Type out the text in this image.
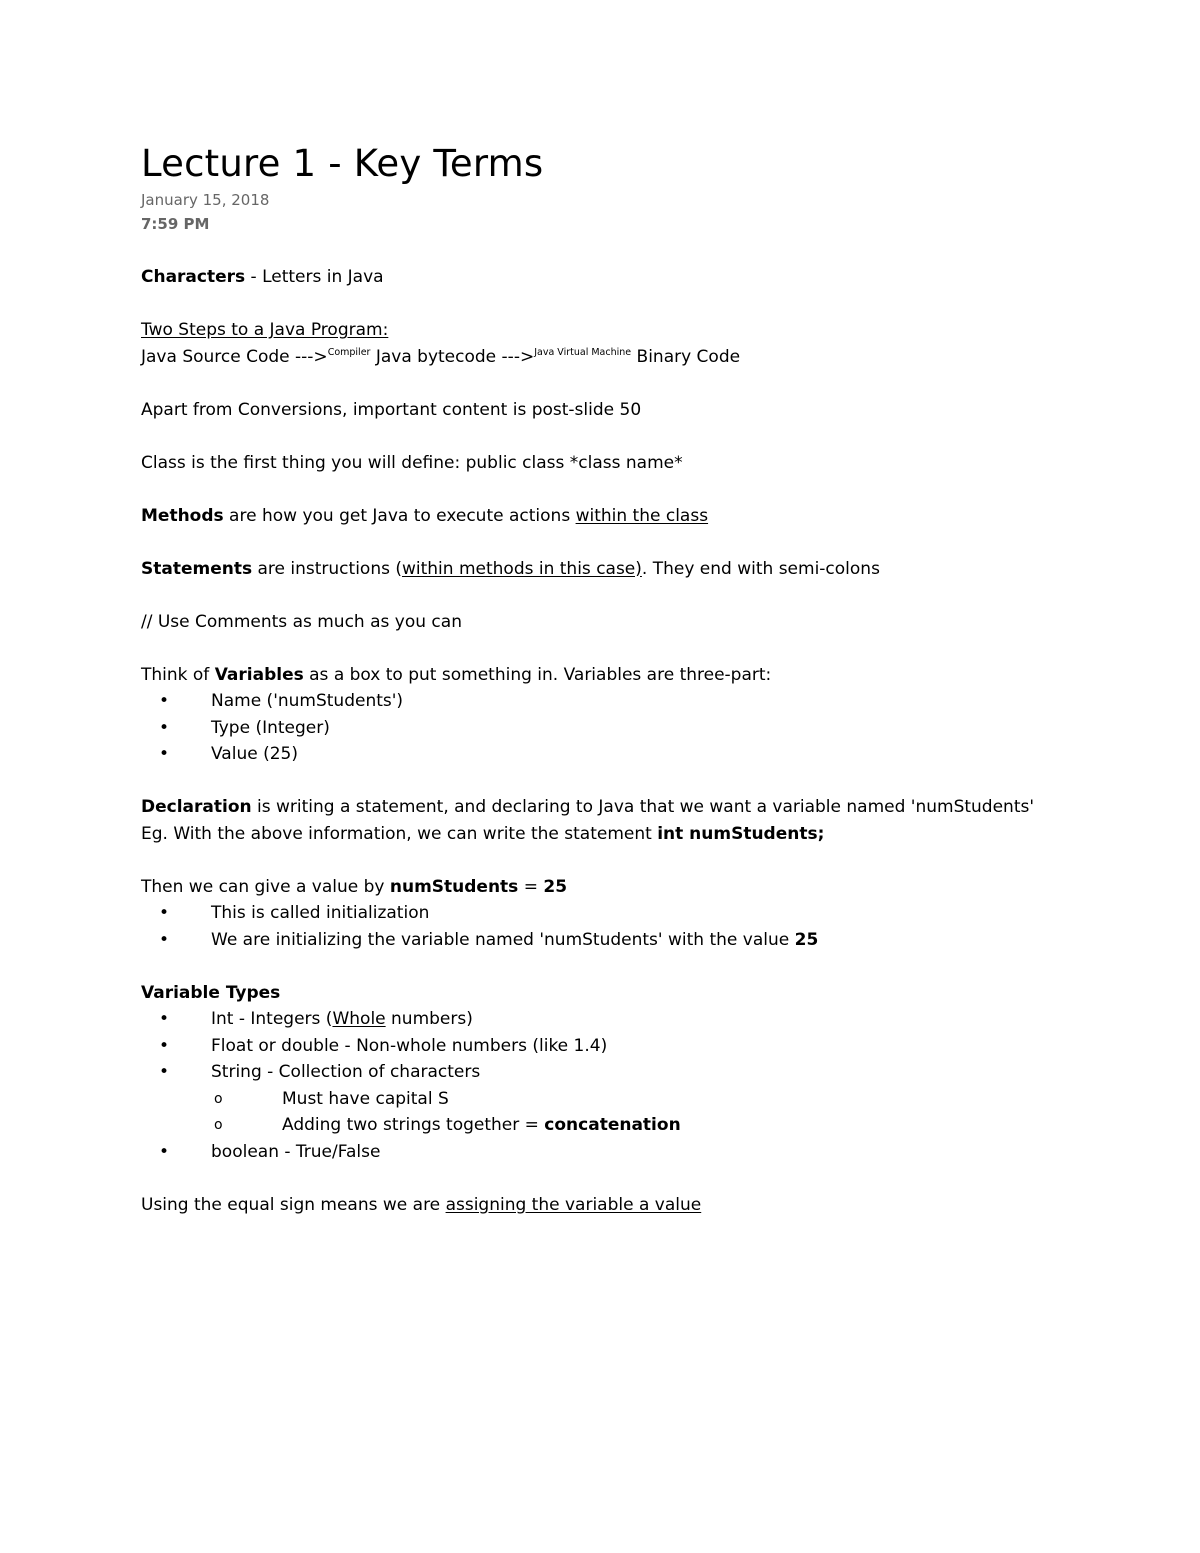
Lecture 1 - Key Terms
January 15, 2018
7:59 PM

Characters - Letters in Java

Two Steps to a Java Program:

Java Source Code --->$^{Compiler}$ Java bytecode --->$^{Java Virtual Machine}$ Binary Code

Apart from Conversions, important content is post-slide 50

Class is the first thing you will define: public class *class name*

Methods are how you get Java to execute actions within the class

Statements are instructions (within methods in this case). They end with semi-colons

// Use Comments as much as you can

Think of Variables as a box to put something in. Variables are three-part:

• Name ('numStudents')
• Type (Integer)
• Value (25)

Declaration is writing a statement, and declaring to Java that we want a variable named 'numStudents'

Eg. With the above information, we can write the statement int numStudents;

Then we can give a value by numStudents = 25

• This is called initialization
• We are initializing the variable named 'numStudents' with the value 25

Variable Types

• Int - Integers (Whole numbers)
• Float or double - Non-whole numbers (like 1.4)
• String - Collection of characters
o	Must have capital S
o	Adding two strings together = concatenation
• boolean - True/False

Using the equal sign means we are assigning the variable a value
